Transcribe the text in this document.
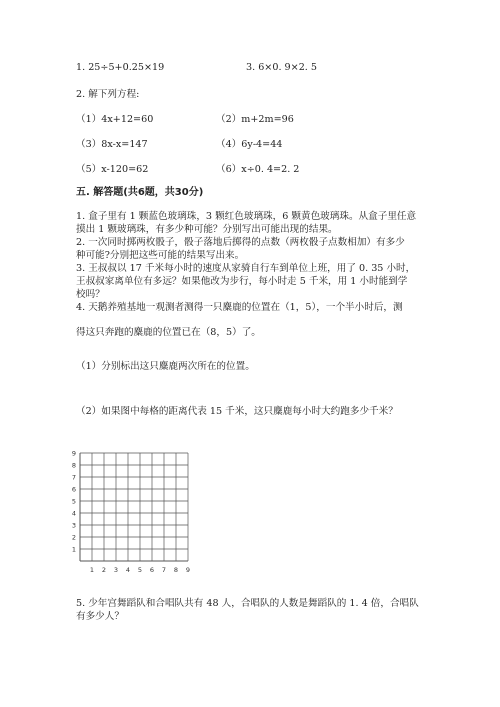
1. 25÷5+0.25×19	3. 6×0. 9×2. 5
2. 解下列方程:
（1）4x+12=60	（2）m+2m=96
（3）8x-x=147	（4）6y-4=44
（5）x-120=62	（6）x÷0. 4=2. 2
五. 解答题(共6题，共30分)
1. 盒子里有 1 颗蓝色玻璃珠，3 颗红色玻璃珠，6 颗黄色玻璃珠。从盒子里任意
摸出 1 颗玻璃珠，有多少种可能？分别写出可能出现的结果。
2. 一次同时掷两枚骰子，骰子落地后掷得的点数（两枚骰子点数相加）有多少
种可能?分别把这些可能的结果写出来。
3. 王叔叔以 17 千米每小时的速度从家骑自行车到单位上班，用了 0. 35 小时，
王叔叔家离单位有多远？如果他改为步行，每小时走 5 千米，用 1 小时能到学
校吗？
4. 天鹅养殖基地一观测者测得一只麋鹿的位置在（1，5），一个半小时后，测
得这只奔跑的麋鹿的位置已在（8，5）了。
（1）分别标出这只麋鹿两次所在的位置。
（2）如果图中每格的距离代表 15 千米，这只麋鹿每小时大约跑多少千米？
1 2 3 4 5 6 7 8 9
1
2
3
4
5
6
7
8
9
5. 少年宫舞蹈队和合唱队共有 48 人，合唱队的人数是舞蹈队的 1. 4 倍，合唱队
有多少人？
